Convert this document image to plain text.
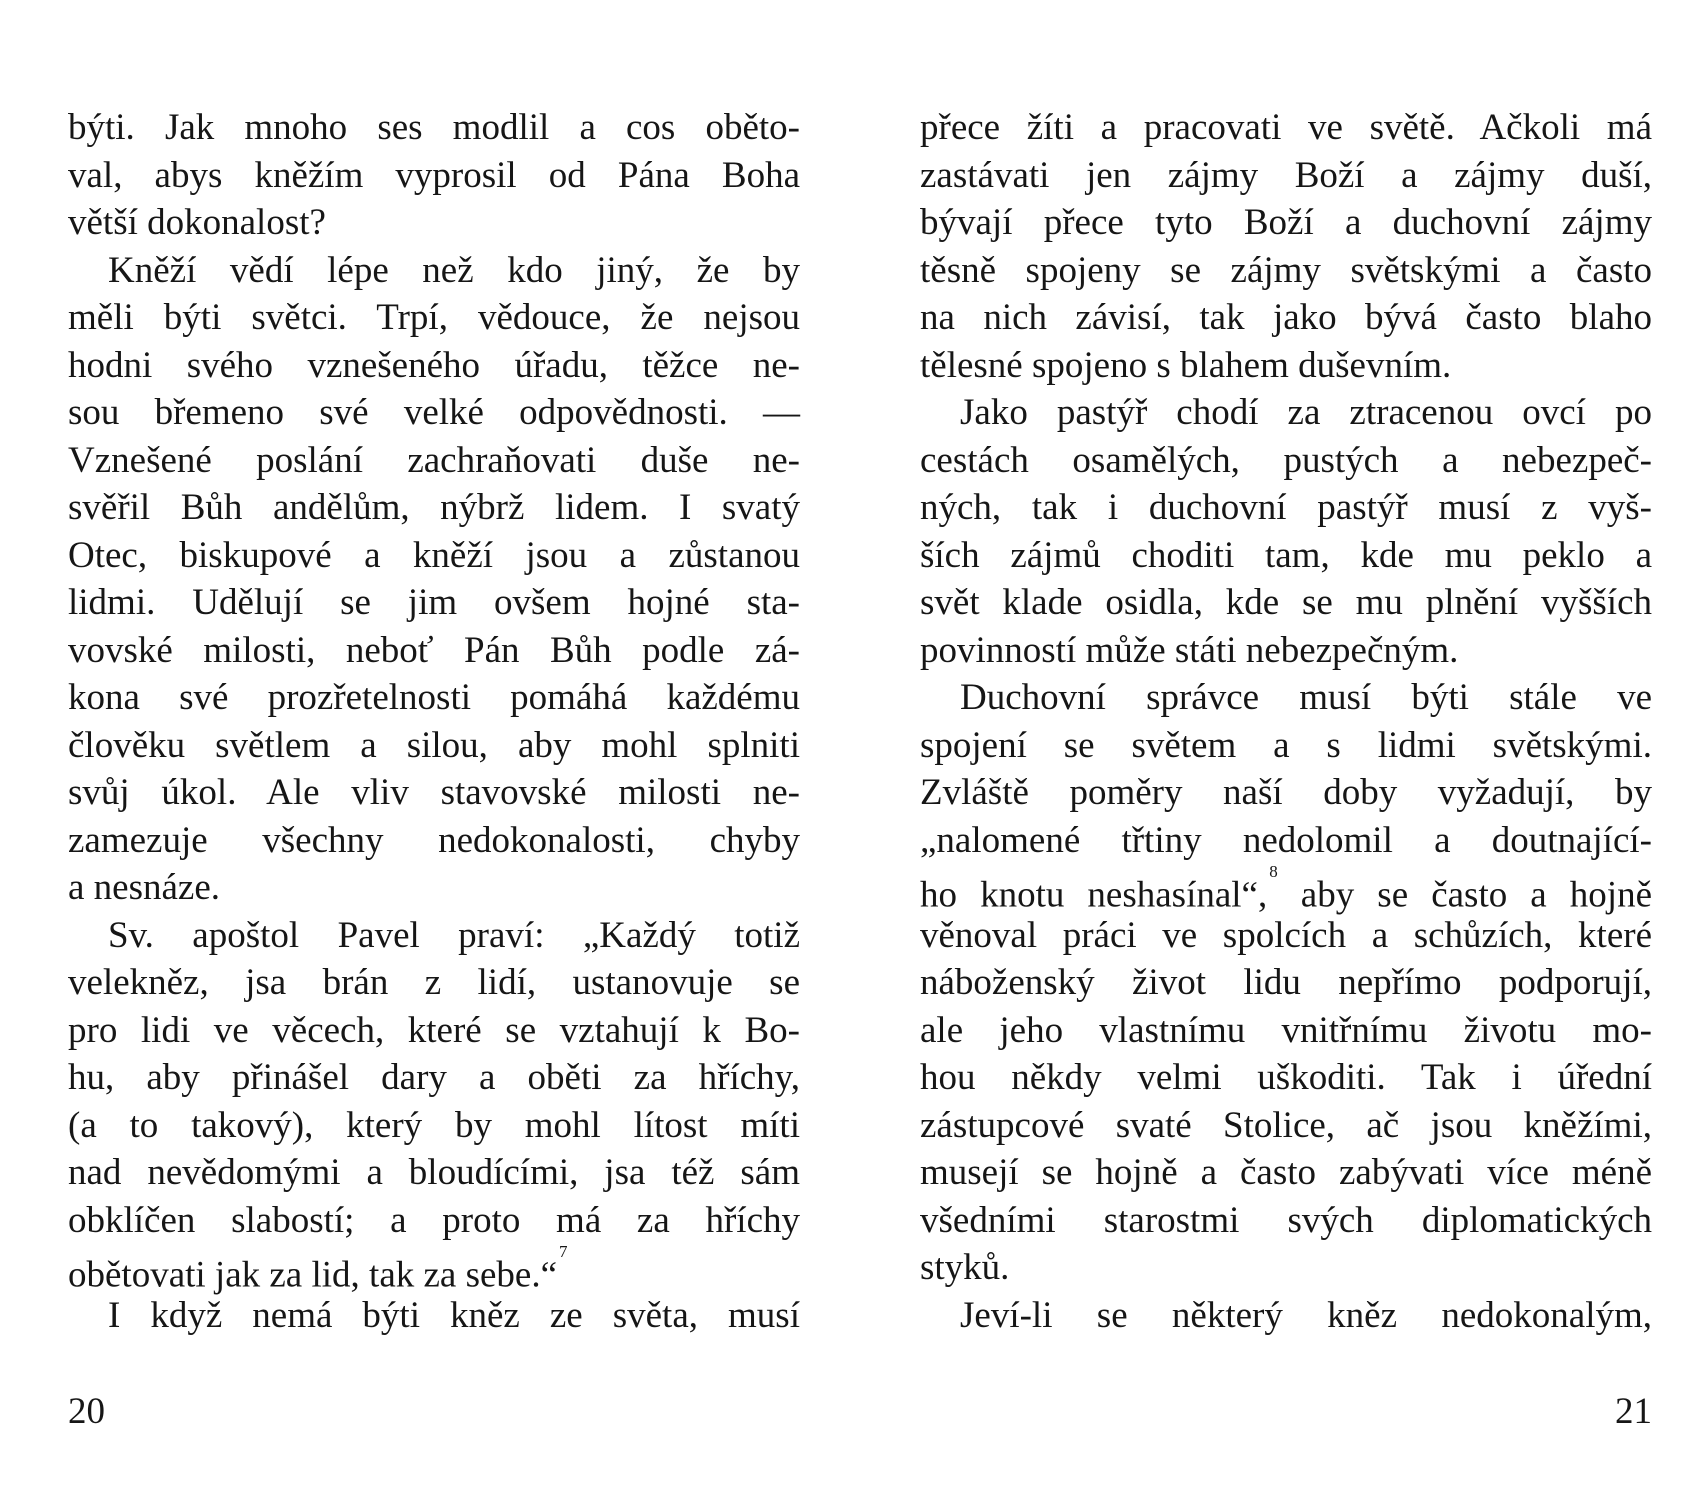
býti. Jak mnoho ses modlil a cos oběto-
val, abys kněžím vyprosil od Pána Boha
větší dokonalost?
Kněží vědí lépe než kdo jiný, že by
měli býti světci. Trpí, vědouce, že nejsou
hodni svého vznešeného úřadu, těžce ne-
sou břemeno své velké odpovědnosti. —
Vznešené poslání zachraňovati duše ne-
svěřil Bůh andělům, nýbrž lidem. I svatý
Otec, biskupové a kněží jsou a zůstanou
lidmi. Udělují se jim ovšem hojné sta-
vovské milosti, neboť Pán Bůh podle zá-
kona své prozřetelnosti pomáhá každému
člověku světlem a silou, aby mohl splniti
svůj úkol. Ale vliv stavovské milosti ne-
zamezuje všechny nedokonalosti, chyby
a nesnáze.
Sv. apoštol Pavel praví: „Každý totiž
velekněz, jsa brán z lidí, ustanovuje se
pro lidi ve věcech, které se vztahují k Bo-
hu, aby přinášel dary a oběti za hříchy,
(a to takový), který by mohl lítost míti
nad nevědomými a bloudícími, jsa též sám
obklíčen slabostí; a proto má za hříchy
obětovati jak za lid, tak za sebe.“$^7$
I když nemá býti kněz ze světa, musí
20
přece žíti a pracovati ve světě. Ačkoli má
zastávati jen zájmy Boží a zájmy duší,
bývají přece tyto Boží a duchovní zájmy
těsně spojeny se zájmy světskými a často
na nich závisí, tak jako bývá často blaho
tělesné spojeno s blahem duševním.
Jako pastýř chodí za ztracenou ovcí po
cestách osamělých, pustých a nebezpeč-
ných, tak i duchovní pastýř musí z vyš-
ších zájmů choditi tam, kde mu peklo a
svět klade osidla, kde se mu plnění vyšších
povinností může státi nebezpečným.
Duchovní správce musí býti stále ve
spojení se světem a s lidmi světskými.
Zvláště poměry naší doby vyžadují, by
„nalomené třtiny nedolomil a doutnající-
ho knotu neshasínal“,$^8$ aby se často a hojně
věnoval práci ve spolcích a schůzích, které
náboženský život lidu nepřímo podporují,
ale jeho vlastnímu vnitřnímu životu mo-
hou někdy velmi uškoditi. Tak i úřední
zástupcové svaté Stolice, ač jsou kněžími,
musejí se hojně a často zabývati více méně
všedními starostmi svých diplomatických
styků.
Jeví-li se některý kněz nedokonalým,
21
